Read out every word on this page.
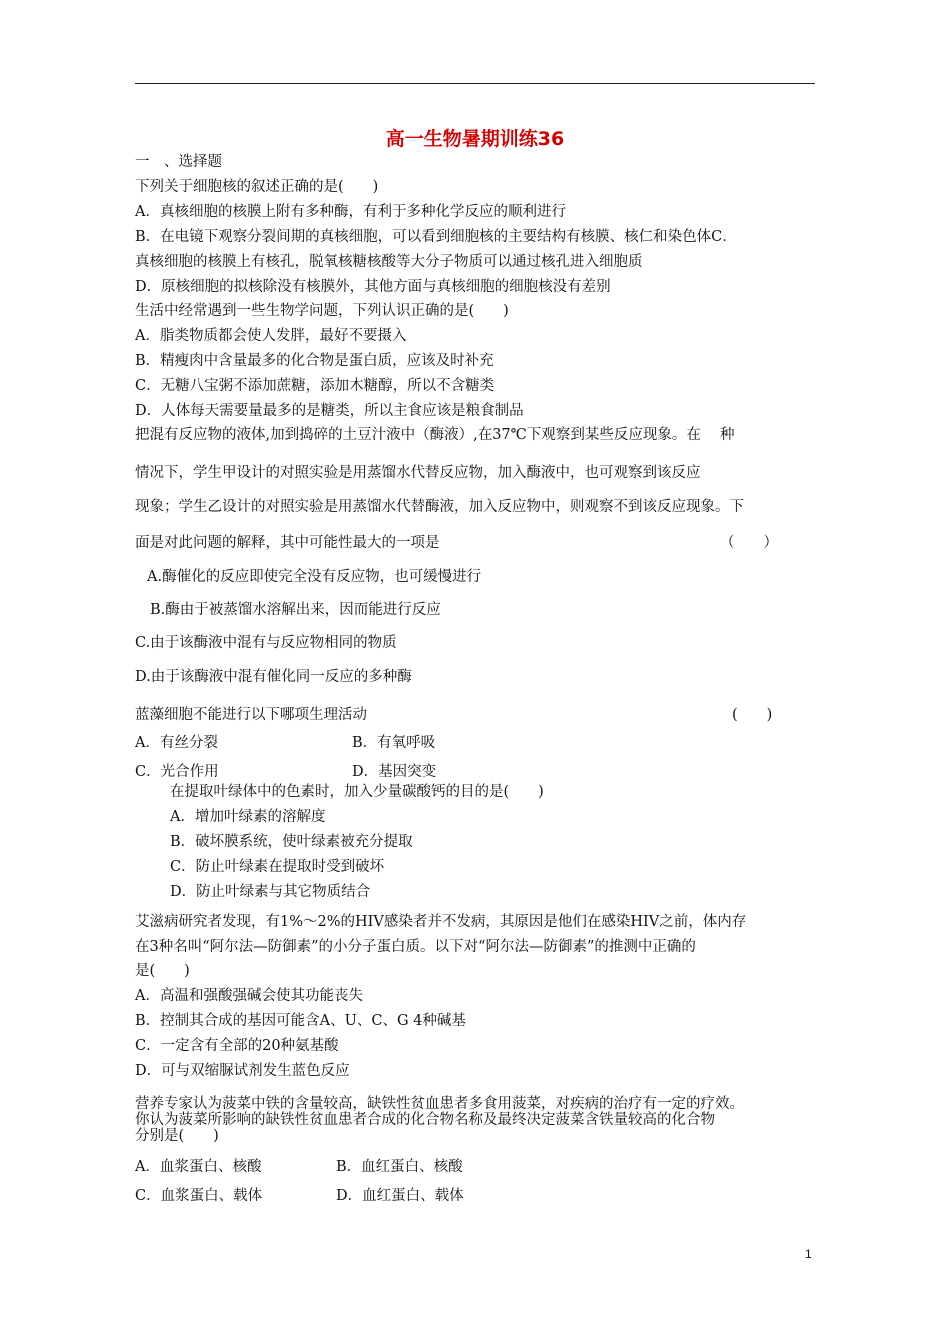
高一生物暑期训练36
一　、选择题
下列关于细胞核的叙述正确的是(　　)
A．真核细胞的核膜上附有多种酶，有利于多种化学反应的顺利进行
B．在电镜下观察分裂间期的真核细胞，可以看到细胞核的主要结构有核膜、核仁和染色体C．
真核细胞的核膜上有核孔，脱氧核糖核酸等大分子物质可以通过核孔进入细胞质
D．原核细胞的拟核除没有核膜外，其他方面与真核细胞的细胞核没有差别
生活中经常遇到一些生物学问题，下列认识正确的是(　　)
A．脂类物质都会使人发胖，最好不要摄入
B．精瘦肉中含量最多的化合物是蛋白质，应该及时补充
C．无糖八宝粥不添加蔗糖，添加木糖醇，所以不含糖类
D．人体每天需要量最多的是糖类，所以主食应该是粮食制品
把混有反应物的液体,加到捣碎的土豆汁液中（酶液）,在37℃下观察到某些反应现象。在　 种
情况下，学生甲设计的对照实验是用蒸馏水代替反应物，加入酶液中，也可观察到该反应
现象；学生乙设计的对照实验是用蒸馏水代替酶液，加入反应物中，则观察不到该反应现象。下
面是对此问题的解释，其中可能性最大的一项是	（　　）
A.酶催化的反应即使完全没有反应物，也可缓慢进行
B.酶由于被蒸馏水溶解出来，因而能进行反应
C.由于该酶液中混有与反应物相同的物质
D.由于该酶液中混有催化同一反应的多种酶
蓝藻细胞不能进行以下哪项生理活动	(　　)
A．有丝分裂	B．有氧呼吸
C．光合作用	D．基因突变
在提取叶绿体中的色素时，加入少量碳酸钙的目的是(　　)
A．增加叶绿素的溶解度
B．破坏膜系统，使叶绿素被充分提取
C．防止叶绿素在提取时受到破坏
D．防止叶绿素与其它物质结合
艾滋病研究者发现，有1%～2%的HIV感染者并不发病，其原因是他们在感染HIV之前，体内存
在3种名叫“阿尔法—防御素”的小分子蛋白质。以下对“阿尔法—防御素”的推测中正确的
是(　　)
A．高温和强酸强碱会使其功能丧失
B．控制其合成的基因可能含A、U、C、G 4种碱基
C．一定含有全部的20种氨基酸
D．可与双缩脲试剂发生蓝色反应
营养专家认为菠菜中铁的含量较高，缺铁性贫血患者多食用菠菜，对疾病的治疗有一定的疗效。
你认为菠菜所影响的缺铁性贫血患者合成的化合物名称及最终决定菠菜含铁量较高的化合物
分别是(　　)
A．血浆蛋白、核酸	B．血红蛋白、核酸
C．血浆蛋白、载体	D．血红蛋白、载体
1
